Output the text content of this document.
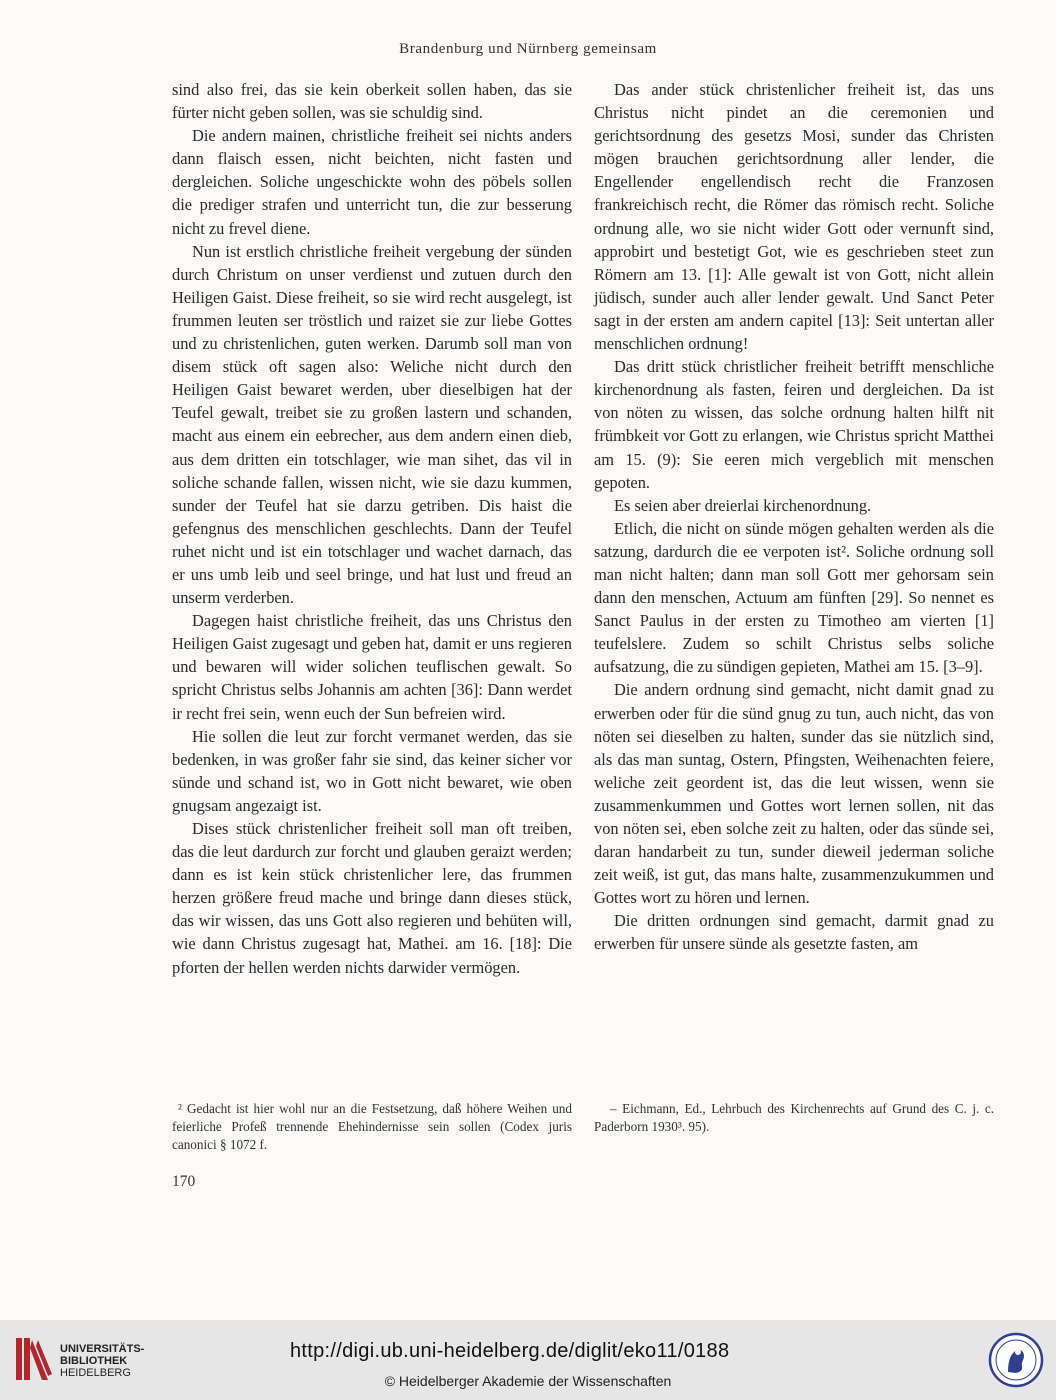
Brandenburg und Nürnberg gemeinsam

sind also frei, das sie kein oberkeit sollen haben, das sie fürter nicht geben sollen, was sie schuldig sind.

Die andern mainen, christliche freiheit sei nichts anders dann flaisch essen, nicht beichten, nicht fasten und dergleichen. Soliche ungeschickte wohn des pöbels sollen die prediger strafen und unterricht tun, die zur besserung nicht zu frevel diene.

Nun ist erstlich christliche freiheit vergebung der sünden durch Christum on unser verdienst und zutuen durch den Heiligen Gaist. Diese freiheit, so sie wird recht ausgelegt, ist frummen leuten ser tröstlich und raizet sie zur liebe Gottes und zu christenlichen, guten werken. Darumb soll man von disem stück oft sagen also: Weliche nicht durch den Heiligen Gaist bewaret werden, uber dieselbigen hat der Teufel gewalt, treibet sie zu großen lastern und schanden, macht aus einem ein eebrecher, aus dem andern einen dieb, aus dem dritten ein totschlager, wie man sihet, das vil in soliche schande fallen, wissen nicht, wie sie dazu kummen, sunder der Teufel hat sie darzu getriben. Dis haist die gefengnus des menschlichen geschlechts. Dann der Teufel ruhet nicht und ist ein totschlager und wachet darnach, das er uns umb leib und seel bringe, und hat lust und freud an unserm verderben.

Dagegen haist christliche freiheit, das uns Christus den Heiligen Gaist zugesagt und geben hat, damit er uns regieren und bewaren will wider solichen teuflischen gewalt. So spricht Christus selbs Johannis am achten [36]: Dann werdet ir recht frei sein, wenn euch der Sun befreien wird.

Hie sollen die leut zur forcht vermanet werden, das sie bedenken, in was großer fahr sie sind, das keiner sicher vor sünde und schand ist, wo in Gott nicht bewaret, wie oben gnugsam angezaigt ist.

Dises stück christenlicher freiheit soll man oft treiben, das die leut dardurch zur forcht und glauben geraizt werden; dann es ist kein stück christenlicher lere, das frummen herzen größere freud mache und bringe dann dieses stück, das wir wissen, das uns Gott also regieren und behüten will, wie dann Christus zugesagt hat, Mathei. am 16. [18]: Die pforten der hellen werden nichts darwider vermögen.

Das ander stück christenlicher freiheit ist, das uns Christus nicht pindet an die ceremonien und gerichtsordnung des gesetzs Mosi, sunder das Christen mögen brauchen gerichtsordnung aller lender, die Engellender engellendisch recht die Franzosen frankreichisch recht, die Römer das römisch recht. Soliche ordnung alle, wo sie nicht wider Gott oder vernunft sind, approbirt und bestetigt Got, wie es geschrieben steet zun Römern am 13. [1]: Alle gewalt ist von Gott, nicht allein jüdisch, sunder auch aller lender gewalt. Und Sanct Peter sagt in der ersten am andern capitel [13]: Seit untertan aller menschlichen ordnung!

Das dritt stück christlicher freiheit betrifft menschliche kirchenordnung als fasten, feiren und dergleichen. Da ist von nöten zu wissen, das solche ordnung halten hilft nit frümbkeit vor Gott zu erlangen, wie Christus spricht Matthei am 15. (9): Sie eeren mich vergeblich mit menschen gepoten.

Es seien aber dreierlai kirchenordnung.

Etlich, die nicht on sünde mögen gehalten werden als die satzung, dardurch die ee verpoten ist². Soliche ordnung soll man nicht halten; dann man soll Gott mer gehorsam sein dann den menschen, Actuum am fünften [29]. So nennet es Sanct Paulus in der ersten zu Timotheo am vierten [1] teufelslere. Zudem so schilt Christus selbs soliche aufsatzung, die zu sündigen gepieten, Mathei am 15. [3–9].

Die andern ordnung sind gemacht, nicht damit gnad zu erwerben oder für die sünd gnug zu tun, auch nicht, das von nöten sei dieselben zu halten, sunder das sie nützlich sind, als das man suntag, Ostern, Pfingsten, Weihenachten feiere, weliche zeit geordent ist, das die leut wissen, wenn sie zusammenkummen und Gottes wort lernen sollen, nit das von nöten sei, eben solche zeit zu halten, oder das sünde sei, daran handarbeit zu tun, sunder dieweil jederman soliche zeit weiß, ist gut, das mans halte, zusammenzukummen und Gottes wort zu hören und lernen.

Die dritten ordnungen sind gemacht, darmit gnad zu erwerben für unsere sünde als gesetzte fasten, am

² Gedacht ist hier wohl nur an die Festsetzung, daß höhere Weihen und feierliche Profeß trennende Ehehindernisse sein sollen (Codex juris canonici § 1072 f.
– Eichmann, Ed., Lehrbuch des Kirchenrechts auf Grund des C. j. c. Paderborn 1930³. 95).
170
UNIVERSITÄTS-
BIBLIOTHEK
HEIDELBERG
http://digi.ub.uni-heidelberg.de/diglit/eko11/0188
© Heidelberger Akademie der Wissenschaften
